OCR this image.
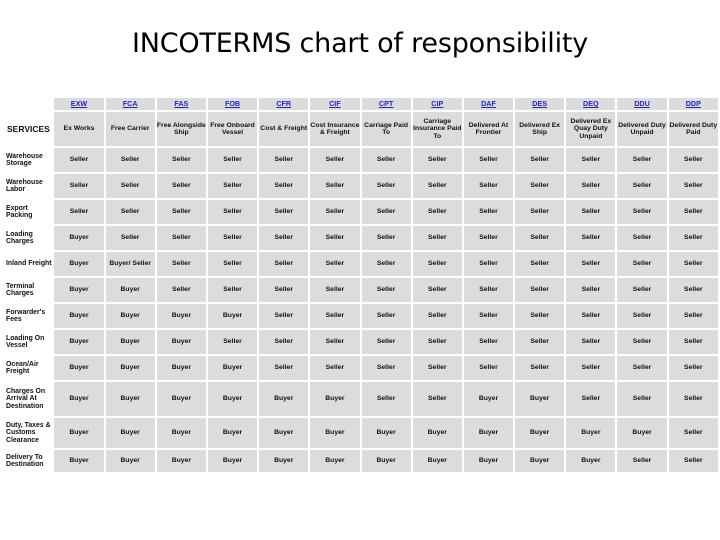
INCOTERMS chart of responsibility
	EXW	FCA	FAS	FOB	CFR	CIF	CPT	CIP	DAF	DES	DEQ	DDU	DDP
SERVICES	Ex Works	Free Carrier	Free Alongside Ship	Free Onboard Vessel	Cost & Freight	Cost Insurance & Freight	Carriage Paid To	Carriage Insurance Paid To	Delivered At Frontier	Delivered Ex Ship	Delivered Ex Quay Duty Unpaid	Delivered Duty Unpaid	Delivered Duty Paid
Warehouse Storage	Seller	Seller	Seller	Seller	Seller	Seller	Seller	Seller	Seller	Seller	Seller	Seller	Seller
Warehouse Labor	Seller	Seller	Seller	Seller	Seller	Seller	Seller	Seller	Seller	Seller	Seller	Seller	Seller
Export Packing	Seller	Seller	Seller	Seller	Seller	Seller	Seller	Seller	Seller	Seller	Seller	Seller	Seller
Loading Charges	Buyer	Seller	Seller	Seller	Seller	Seller	Seller	Seller	Seller	Seller	Seller	Seller	Seller
Inland Freight	Buyer	Buyer/ Seller	Seller	Seller	Seller	Seller	Seller	Seller	Seller	Seller	Seller	Seller	Seller
Terminal Charges	Buyer	Buyer	Seller	Seller	Seller	Seller	Seller	Seller	Seller	Seller	Seller	Seller	Seller
Forwarder's Fees	Buyer	Buyer	Buyer	Buyer	Seller	Seller	Seller	Seller	Seller	Seller	Seller	Seller	Seller
Loading On Vessel	Buyer	Buyer	Buyer	Seller	Seller	Seller	Seller	Seller	Seller	Seller	Seller	Seller	Seller
Ocean/Air Freight	Buyer	Buyer	Buyer	Buyer	Seller	Seller	Seller	Seller	Seller	Seller	Seller	Seller	Seller
Charges On Arrival At Destination	Buyer	Buyer	Buyer	Buyer	Buyer	Buyer	Seller	Seller	Buyer	Buyer	Seller	Seller	Seller
Duty, Taxes & Customs Clearance	Buyer	Buyer	Buyer	Buyer	Buyer	Buyer	Buyer	Buyer	Buyer	Buyer	Buyer	Buyer	Seller
Delivery To Destination	Buyer	Buyer	Buyer	Buyer	Buyer	Buyer	Buyer	Buyer	Buyer	Buyer	Buyer	Seller	Seller
